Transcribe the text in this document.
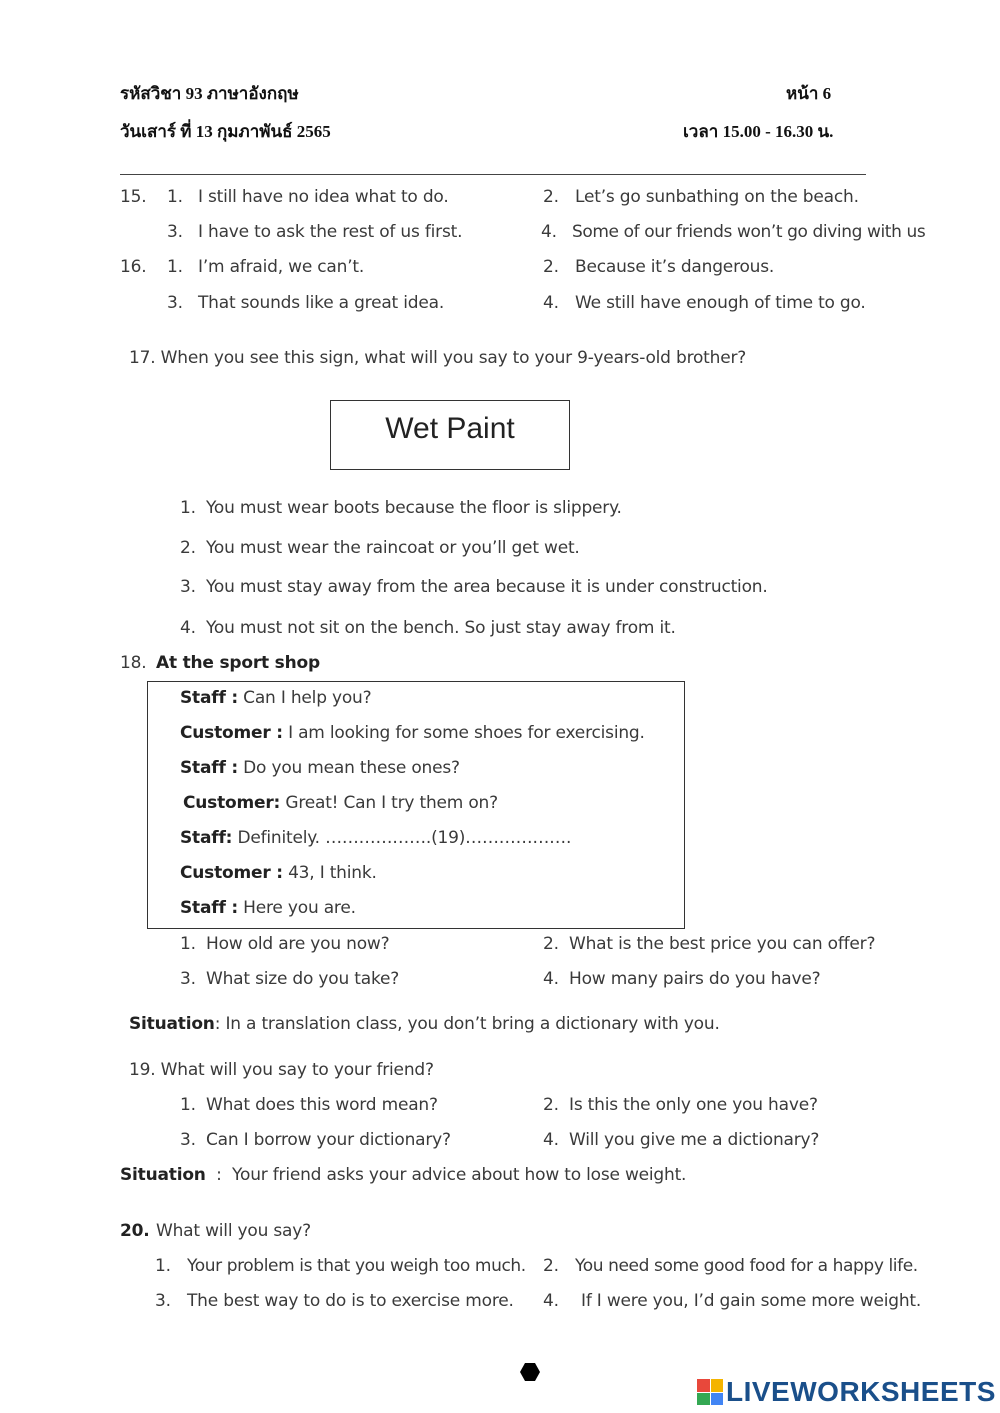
รหัสวิชา 93 ภาษาอังกฤษ	หน้า 6
วันเสาร์ ที่ 13 กุมภาพันธ์ 2565	เวลา 15.00 - 16.30 น.
15. 1. I still have no idea what to do.	2. Let’s go sunbathing on the beach.
3. I have to ask the rest of us first.	4. Some of our friends won’t go diving with us
16. 1. I’m afraid, we can’t.	2. Because it’s dangerous.
3. That sounds like a great idea.	4. We still have enough of time to go.
17. When you see this sign, what will you say to your 9-years-old brother?
Wet Paint
1. You must wear boots because the floor is slippery.
2. You must wear the raincoat or you’ll get wet.
3. You must stay away from the area because it is under construction.
4. You must not sit on the bench. So just stay away from it.
18. At the sport shop
Staff : Can I help you?
Customer : I am looking for some shoes for exercising.
Staff : Do you mean these ones?
Customer: Great! Can I try them on?
Staff: Definitely. ……………….(19)……………….
Customer : 43, I think.
Staff : Here you are.
1. How old are you now?	2. What is the best price you can offer?
3. What size do you take?	4. How many pairs do you have?
Situation: In a translation class, you don’t bring a dictionary with you.
19. What will you say to your friend?
1. What does this word mean?	2. Is this the only one you have?
3. Can I borrow your dictionary?	4. Will you give me a dictionary?
Situation  :  Your friend asks your advice about how to lose weight.
20. What will you say?
1. Your problem is that you weigh too much. 2. You need some good food for a happy life.
3. The best way to do is to exercise more. 4. If I were you, I’d gain some more weight.
LIVEWORKSHEETS
